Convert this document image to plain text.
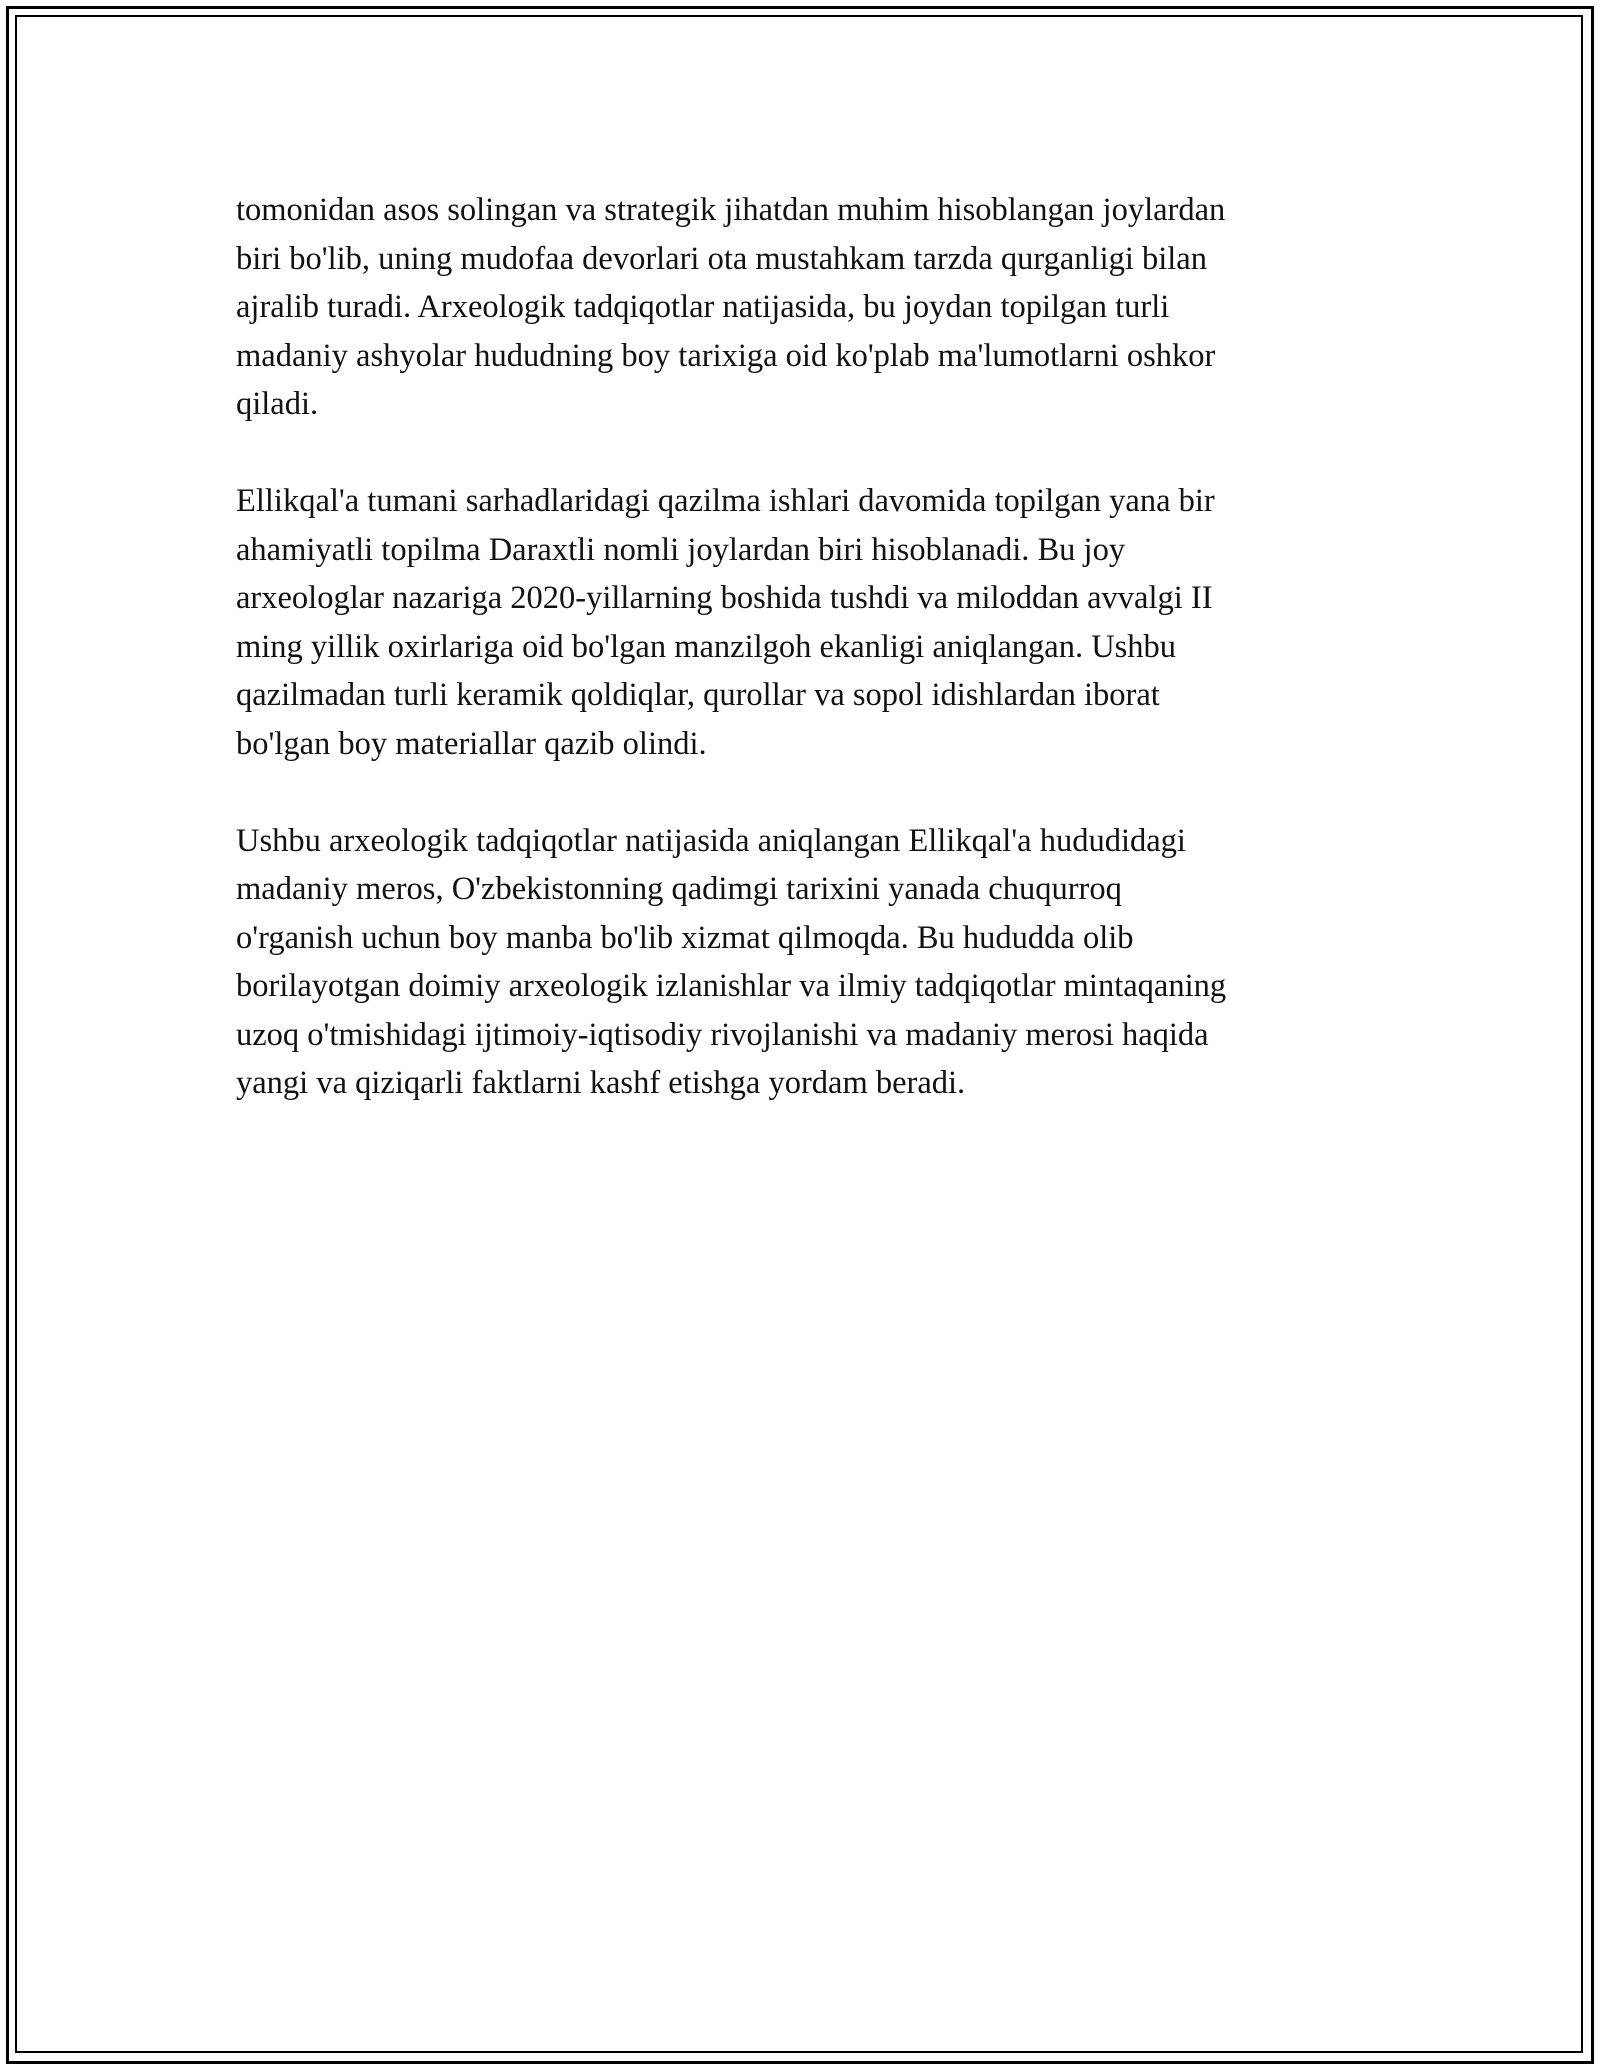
tomonidan asos solingan va strategik jihatdan muhim hisoblangan joylardan
biri bo'lib, uning mudofaa devorlari ota mustahkam tarzda qurganligi bilan
ajralib turadi. Arxeologik tadqiqotlar natijasida, bu joydan topilgan turli
madaniy ashyolar hududning boy tarixiga oid ko'plab ma'lumotlarni oshkor
qiladi.

Ellikqal'a tumani sarhadlaridagi qazilma ishlari davomida topilgan yana bir
ahamiyatli topilma Daraxtli nomli joylardan biri hisoblanadi. Bu joy
arxeologlar nazariga 2020-yillarning boshida tushdi va miloddan avvalgi II
ming yillik oxirlariga oid bo'lgan manzilgoh ekanligi aniqlangan. Ushbu
qazilmadan turli keramik qoldiqlar, qurollar va sopol idishlardan iborat
bo'lgan boy materiallar qazib olindi.

Ushbu arxeologik tadqiqotlar natijasida aniqlangan Ellikqal'a hududidagi
madaniy meros, O'zbekistonning qadimgi tarixini yanada chuqurroq
o'rganish uchun boy manba bo'lib xizmat qilmoqda. Bu hududda olib
borilayotgan doimiy arxeologik izlanishlar va ilmiy tadqiqotlar mintaqaning
uzoq o'tmishidagi ijtimoiy-iqtisodiy rivojlanishi va madaniy merosi haqida
yangi va qiziqarli faktlarni kashf etishga yordam beradi.
